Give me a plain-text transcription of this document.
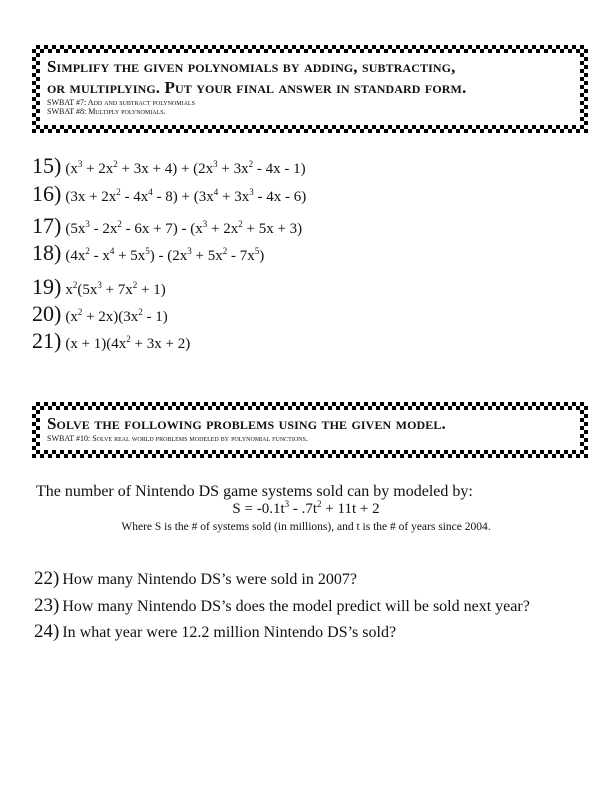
Simplify the given polynomials by adding, subtracting,
or multiplying. Put your final answer in standard form.
SWBAT #7: Add and subtract polynomials
SWBAT #8: Multiply polynomials.
15) $(x^3 + 2x^2 + 3x + 4) + (2x^3 + 3x^2 - 4x - 1)$
16) $(3x + 2x^2 - 4x^4 - 8) + (3x^4 + 3x^3 - 4x - 6)$
17) $(5x^3 - 2x^2 - 6x + 7) - (x^3 + 2x^2 + 5x + 3)$
18) $(4x^2 - x^4 + 5x^5) - (2x^3 + 5x^2 - 7x^5)$
19) $x^2(5x^3 + 7x^2 + 1)$
20) $(x^2 + 2x)(3x^2 - 1)$
21) $(x + 1)(4x^2 + 3x + 2)$
Solve the following problems using the given model.
SWBAT #10: Solve real world problems modeled by polynomial functions.
The number of Nintendo DS game systems sold can by modeled by:
$S = -0.1t^3 - .7t^2 + 11t + 2$
Where S is the # of systems sold (in millions), and t is the # of years since 2004.
22) How many Nintendo DS’s were sold in 2007?
23) How many Nintendo DS’s does the model predict will be sold next year?
24) In what year were 12.2 million Nintendo DS’s sold?
